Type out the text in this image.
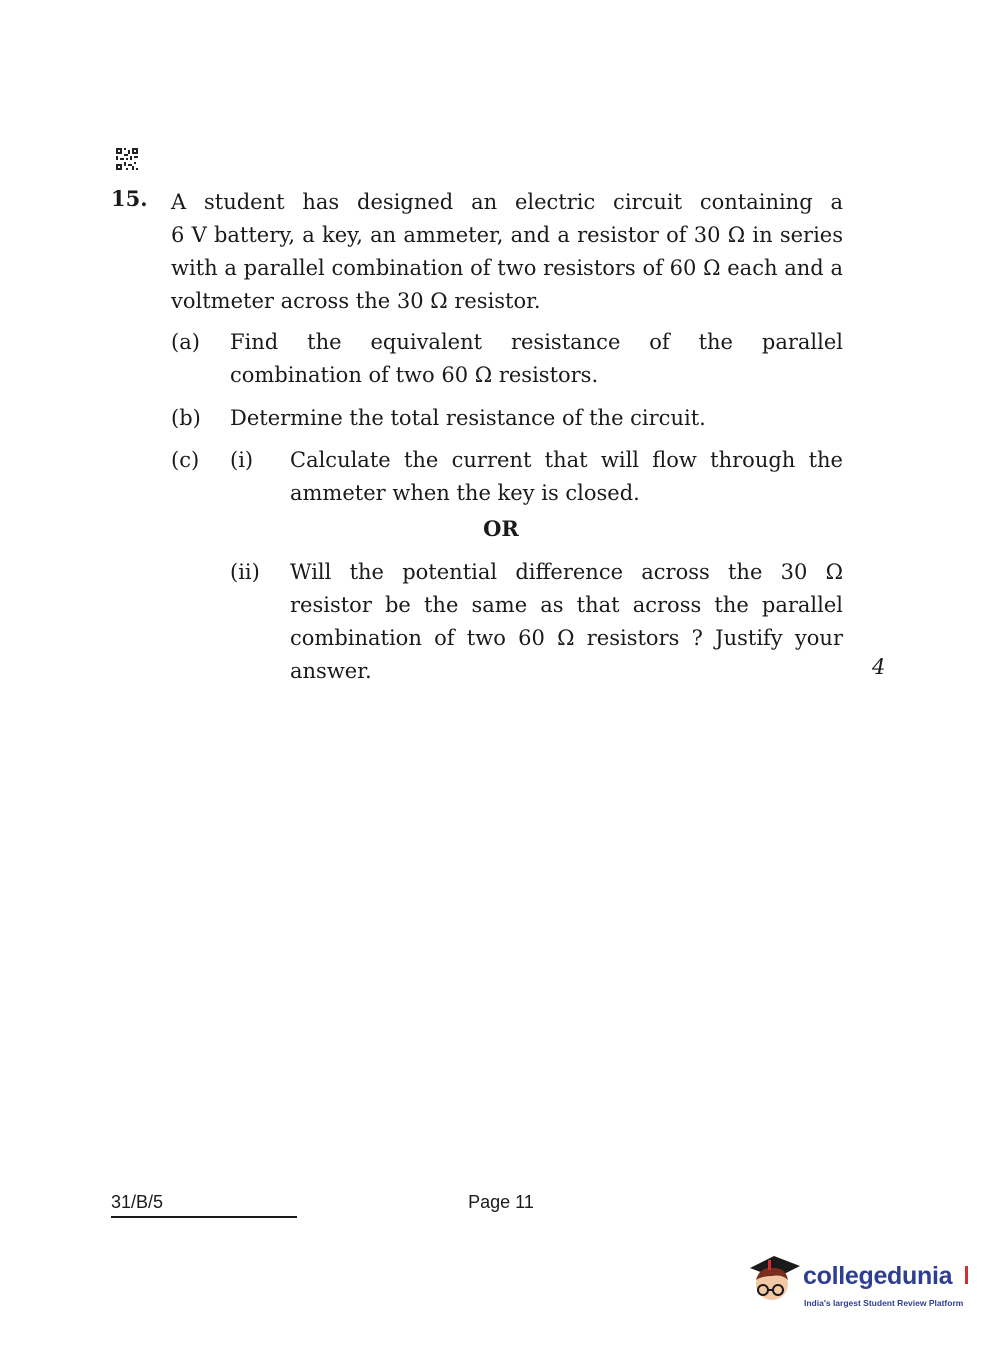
15. A student has designed an electric circuit containing a
6 V battery, a key, an ammeter, and a resistor of 30 Ω in series
with a parallel combination of two resistors of 60 Ω each and a
voltmeter across the 30 Ω resistor.
(a) Find the equivalent resistance of the parallel
combination of two 60 Ω resistors.
(b) Determine the total resistance of the circuit.
(c) (i) Calculate the current that will flow through the
ammeter when the key is closed.
OR
(ii) Will the potential difference across the 30 Ω
resistor be the same as that across the parallel
combination of two 60 Ω resistors ? Justify your
answer.	4
31/B/5	Page 11
collegedunia
India's largest Student Review Platform
